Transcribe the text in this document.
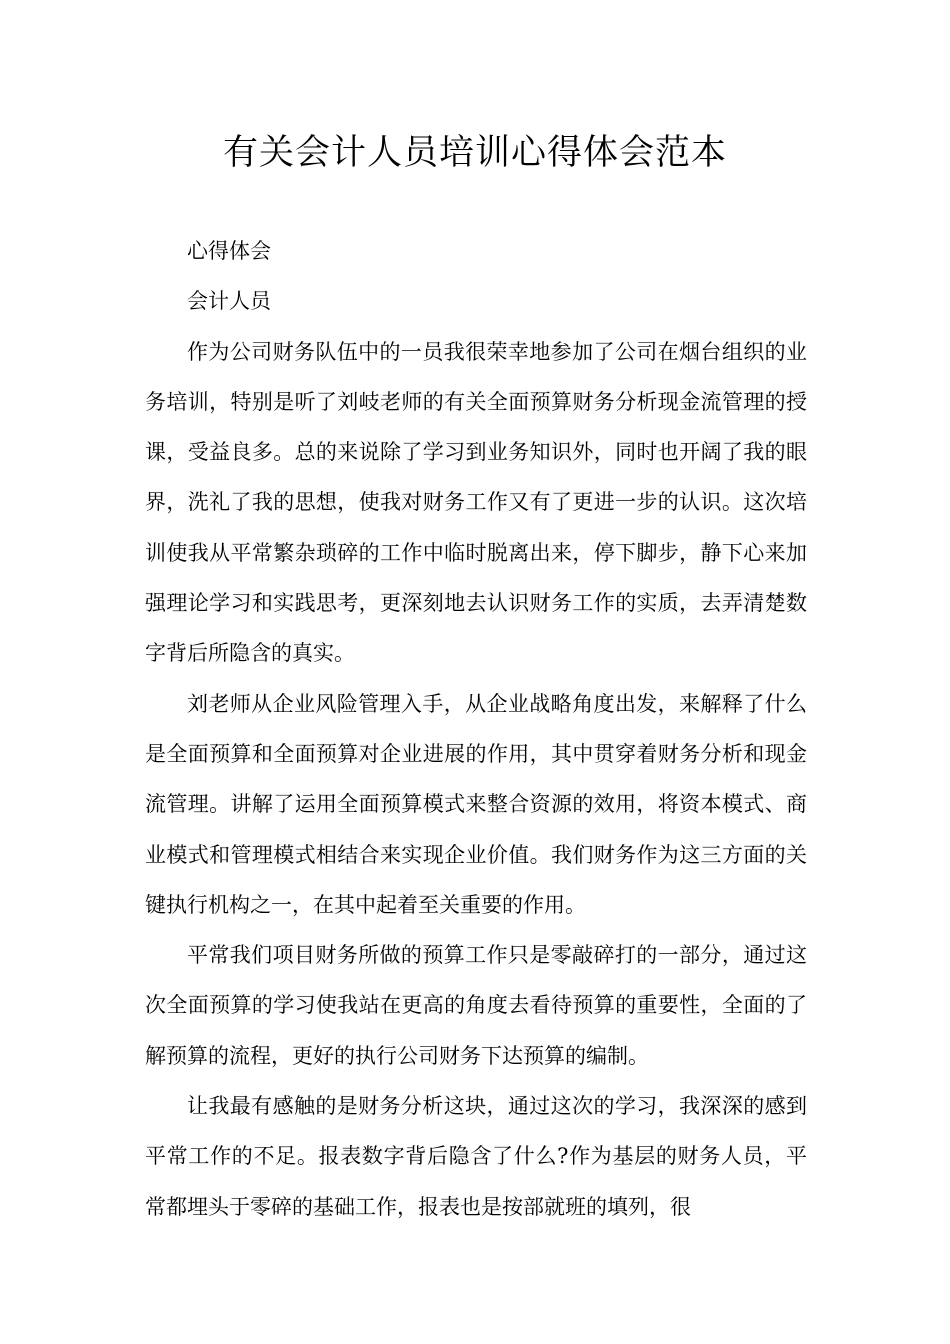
有关会计人员培训心得体会范本

心得体会

会计人员

作为公司财务队伍中的一员我很荣幸地参加了公司在烟台组织的业务培训，特别是听了刘岐老师的有关全面预算财务分析现金流管理的授课，受益良多。总的来说除了学习到业务知识外，同时也开阔了我的眼界，洗礼了我的思想，使我对财务工作又有了更进一步的认识。这次培训使我从平常繁杂琐碎的工作中临时脱离出来，停下脚步，静下心来加强理论学习和实践思考，更深刻地去认识财务工作的实质，去弄清楚数字背后所隐含的真实。

刘老师从企业风险管理入手，从企业战略角度出发，来解释了什么是全面预算和全面预算对企业进展的作用，其中贯穿着财务分析和现金流管理。讲解了运用全面预算模式来整合资源的效用，将资本模式、商业模式和管理模式相结合来实现企业价值。我们财务作为这三方面的关键执行机构之一，在其中起着至关重要的作用。

平常我们项目财务所做的预算工作只是零敲碎打的一部分，通过这次全面预算的学习使我站在更高的角度去看待预算的重要性，全面的了解预算的流程，更好的执行公司财务下达预算的编制。

让我最有感触的是财务分析这块，通过这次的学习，我深深的感到平常工作的不足。报表数字背后隐含了什么?作为基层的财务人员，平常都埋头于零碎的基础工作，报表也是按部就班的填列，很
